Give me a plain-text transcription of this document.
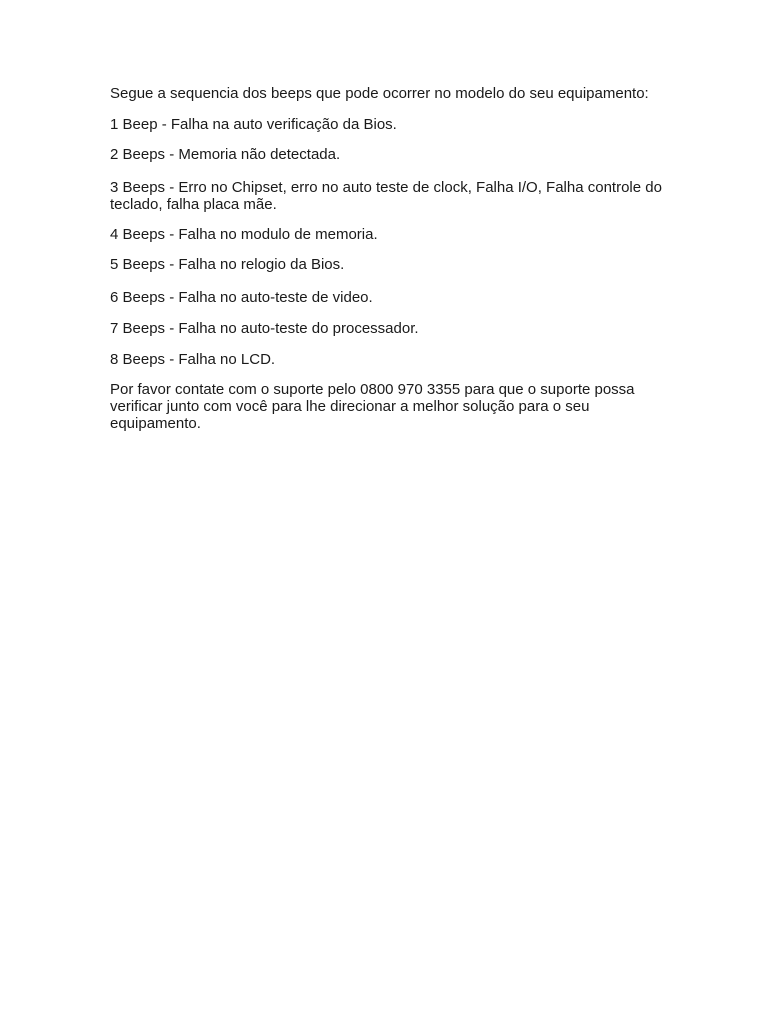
Segue a sequencia dos beeps que pode ocorrer no modelo do seu equipamento:

1 Beep - Falha na auto verificação da Bios.

2 Beeps - Memoria não detectada.

3 Beeps - Erro no Chipset, erro no auto teste de clock, Falha I/O, Falha controle do teclado, falha placa mãe.

4 Beeps - Falha no modulo de memoria.

5 Beeps - Falha no relogio da Bios.

6 Beeps - Falha no auto-teste de video.

7 Beeps - Falha no auto-teste do processador.

8 Beeps - Falha no LCD.

Por favor contate com o suporte pelo 0800 970 3355 para que o suporte possa verificar junto com você para lhe direcionar a melhor solução para o seu equipamento.
